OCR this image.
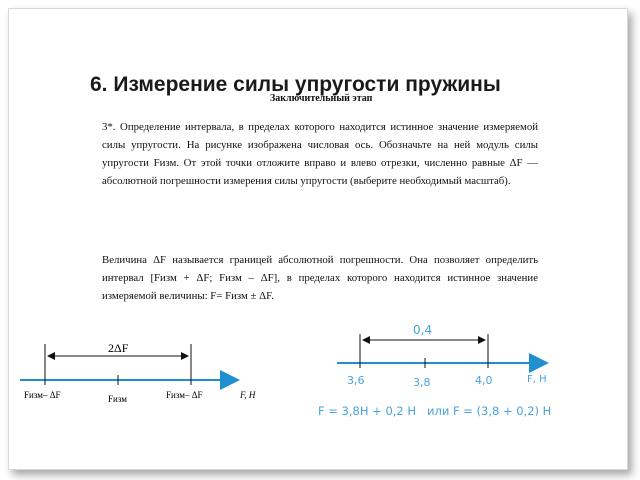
6. Измерение силы упругости пружины
Заключительный этап

3*. Определение интервала, в пределах которого находится истинное значение измеряемой силы упругости. На рисунке изображена числовая ось. Обозначьте на ней модуль силы упругости Fизм. От этой точки отложите вправо и влево отрезки, численно равные ΔF — абсолютной погрешности измерения силы упругости (выберите необходимый масштаб).

Величина ΔF называется границей абсолютной погрешности. Она позволяет определить интервал [Fизм + ΔF; Fизм – ΔF], в пределах которого находится истинное значение измеряемой величины: F= Fизм ± ΔF.

2ΔF
Fизм– ΔF	Fизм	Fизм– ΔF	F, Н
0,4
3,6	3,8	4,0	F, Н
F = 3,8Н + 0,2 Н   или F = (3,8 + 0,2) Н
